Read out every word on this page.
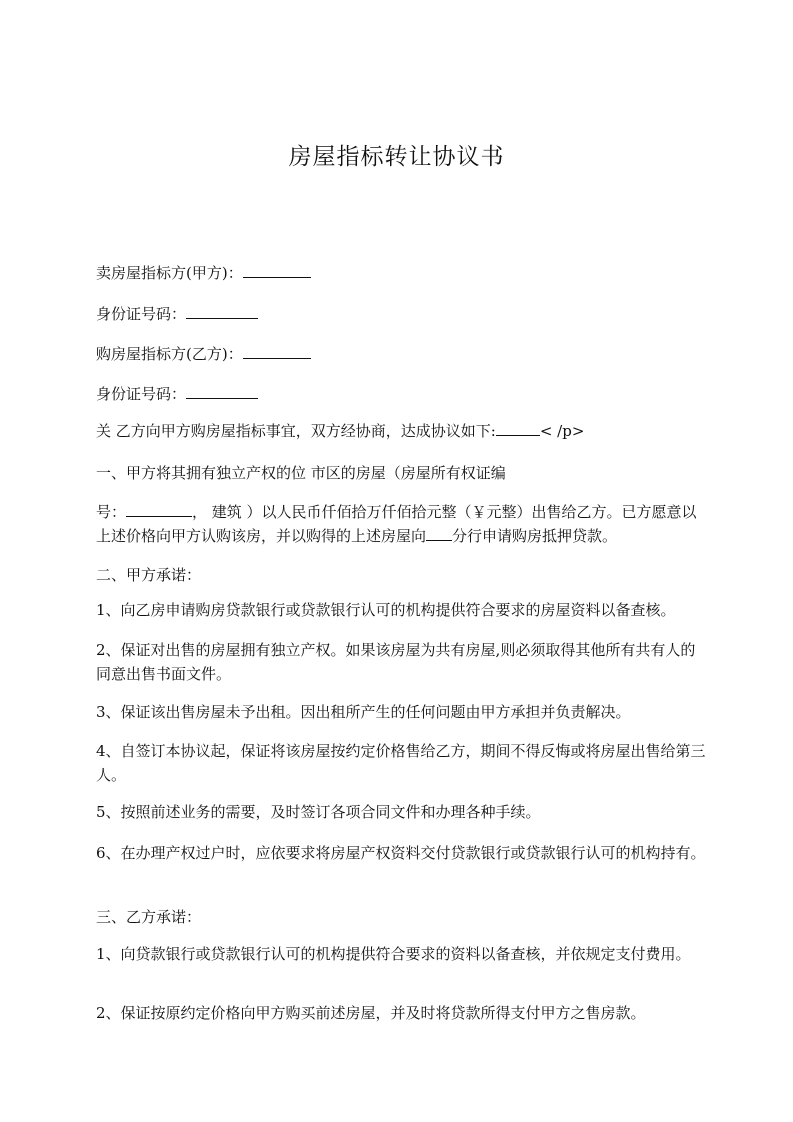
房屋指标转让协议书
卖房屋指标方(甲方)：
身份证号码：
购房屋指标方(乙方)：
身份证号码：
关 乙方向甲方购房屋指标事宜，双方经协商，达成协议如下:	< /p>
一、甲方将其拥有独立产权的位 市区的房屋（房屋所有权证编
号：	， 建筑 ）以人民币仟佰拾万仟佰拾元整（￥元整）出售给乙方。已方愿意以上述价格向甲方认购该房，并以购得的上述房屋向 分行申请购房抵押贷款。
二、甲方承诺：
1、向乙房申请购房贷款银行或贷款银行认可的机构提供符合要求的房屋资料以备查核。
2、保证对出售的房屋拥有独立产权。如果该房屋为共有房屋,则必须取得其他所有共有人的同意出售书面文件。
3、保证该出售房屋未予出租。因出租所产生的任何问题由甲方承担并负责解决。
4、自签订本协议起，保证将该房屋按约定价格售给乙方，期间不得反悔或将房屋出售给第三人。
5、按照前述业务的需要，及时签订各项合同文件和办理各种手续。
6、在办理产权过户时，应依要求将房屋产权资料交付贷款银行或贷款银行认可的机构持有。
三、乙方承诺：
1、向贷款银行或贷款银行认可的机构提供符合要求的资料以备查核，并依规定支付费用。
2、保证按原约定价格向甲方购买前述房屋，并及时将贷款所得支付甲方之售房款。
